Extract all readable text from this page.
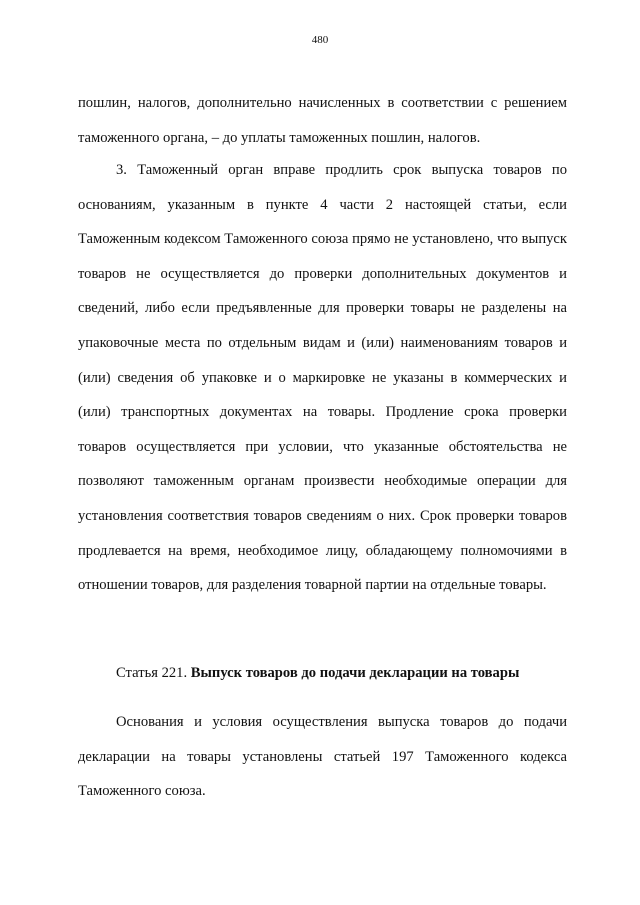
480

пошлин, налогов, дополнительно начисленных в соответствии с решением таможенного органа, – до уплаты таможенных пошлин, налогов.

3. Таможенный орган вправе продлить срок выпуска товаров по основаниям, указанным в пункте 4 части 2 настоящей статьи, если Таможенным кодексом Таможенного союза прямо не установлено, что выпуск товаров не осуществляется до проверки дополнительных документов и сведений, либо если предъявленные для проверки товары не разделены на упаковочные места по отдельным видам и (или) наименованиям товаров и (или) сведения об упаковке и о маркировке не указаны в коммерческих и (или) транспортных документах на товары. Продление срока проверки товаров осуществляется при условии, что указанные обстоятельства не позволяют таможенным органам произвести необходимые операции для установления соответствия товаров сведениям о них. Срок проверки товаров продлевается на время, необходимое лицу, обладающему полномочиями в отношении товаров, для разделения товарной партии на отдельные товары.

Статья 221. Выпуск товаров до подачи декларации на товары

Основания и условия осуществления выпуска товаров до подачи декларации на товары установлены статьей 197 Таможенного кодекса Таможенного союза.
